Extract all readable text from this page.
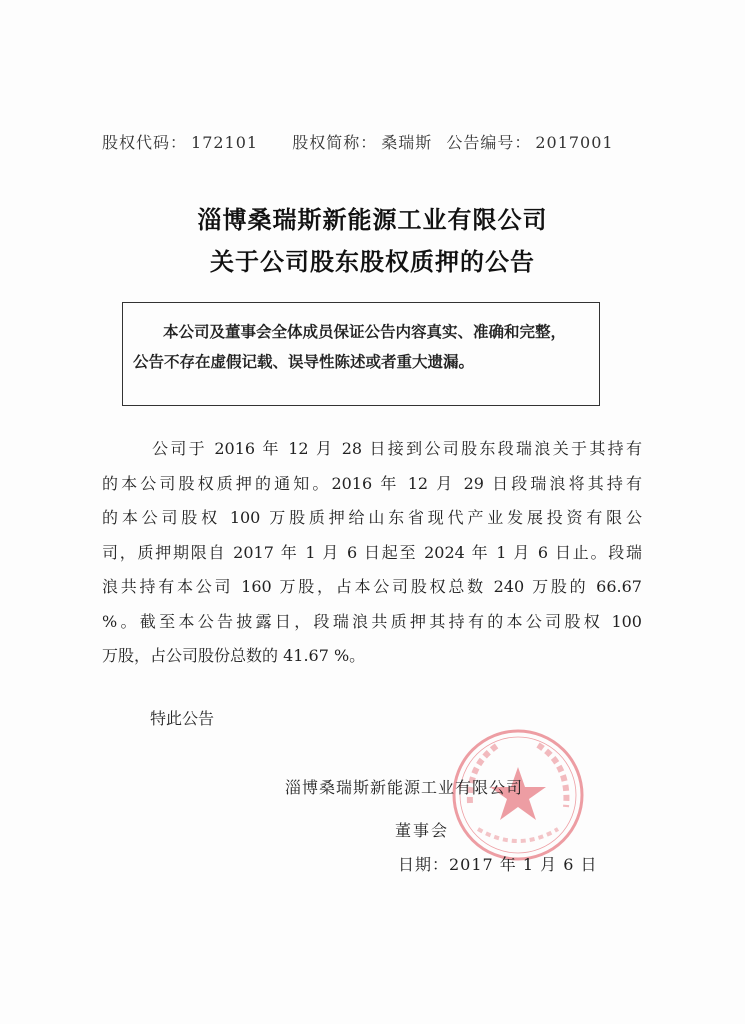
股权代码： 172101 股权简称： 桑瑞斯 公告编号： 2017001
淄博桑瑞斯新能源工业有限公司
关于公司股东股权质押的公告
本公司及董事会全体成员保证公告内容真实、准确和完整，
公告不存在虚假记载、误导性陈述或者重大遗漏。
公司于 2016 年 12 月 28 日接到公司股东段瑞浪关于其持有
的本公司股权质押的通知。2016 年 12 月 29 日段瑞浪将其持有
的本公司股权 100 万股质押给山东省现代产业发展投资有限公
司，质押期限自 2017 年 1 月 6 日起至 2024 年 1 月 6 日止。段瑞
浪共持有本公司 160 万股，占本公司股权总数 240 万股的 66.67
%。截至本公告披露日，段瑞浪共质押其持有的本公司股权 100
万股，占公司股份总数的 41.67 %。
特此公告
淄博桑瑞斯新能源工业有限公司
董事会
日期：2017 年 1 月 6 日
